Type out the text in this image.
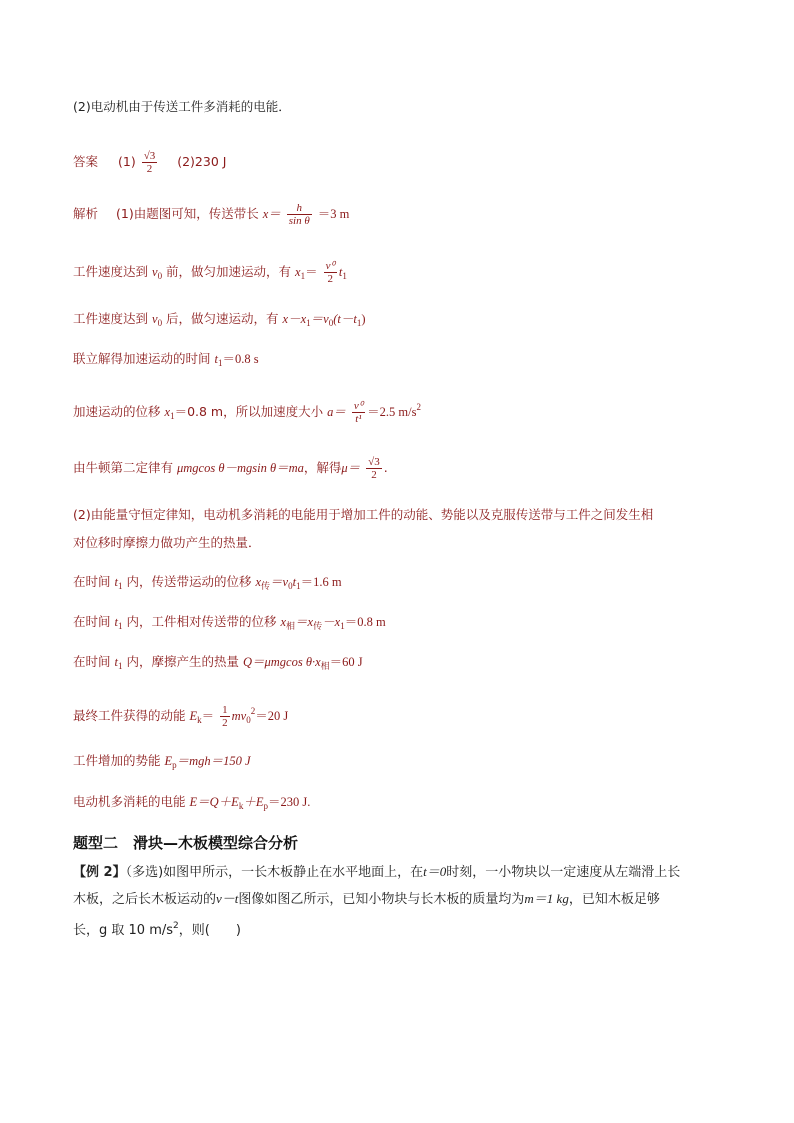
(2)电动机由于传送工件多消耗的电能．
答案 $(1) \frac{√3}{2} (2)230$ J
解析 (1)由题图可知，传送带长 $x= \frac{h}{\text{sin θ}} =3$ m
工件速度达到 $v_0$ 前，做匀加速运动，有 $x_1= \frac{\text{v⁰}}{2} t_1$
工件速度达到 $v_0$ 后，做匀速运动，有 $x-x_1=v_0(t-t_1)$
联立解得加速运动的时间 $t_1=0.8$ s
加速运动的位移 $x_1=0.8$ m，所以加速度大小 $a= \frac{\text{v⁰}}{\text{t¹}} =2.5$ $m/s^2$
由牛顿第二定律有 μmgcos θ－mgsin θ＝ma，解得$\mu= \frac{√3}{2}$ .
(2)由能量守恒定律知，电动机多消耗的电能用于增加工件的动能、势能以及克服传送带与工件之间发生相
对位移时摩擦力做功产生的热量．
在时间 $t_1$ 内，传送带运动的位移 $x_传=v_0t_1=1.6$ m
在时间 $t_1$ 内，工件相对传送带的位移 $x_相=x_传-x_1=0.8$ m
在时间 $t_1$ 内，摩擦产生的热量 Q＝μmgcos $\theta\cdot x_相=60$ J
最终工件获得的动能 $E_k= \frac{1}{2} mv_0^2=20$ J
工件增加的势能 $E_p=mgh=150$ J
电动机多消耗的电能 $E=Q+E_k+E_p=230$ J.
题型二　滑块—木板模型综合分析
【例 2】（多选)如图甲所示，一长木板静止在水平地面上，在t＝0时刻，一小物块以一定速度从左端滑上长
木板，之后长木板运动的v－t图像如图乙所示，已知小物块与长木板的质量均为m＝1 kg，已知木板足够
长，g 取 10 $m/s^2$，则(　　)
